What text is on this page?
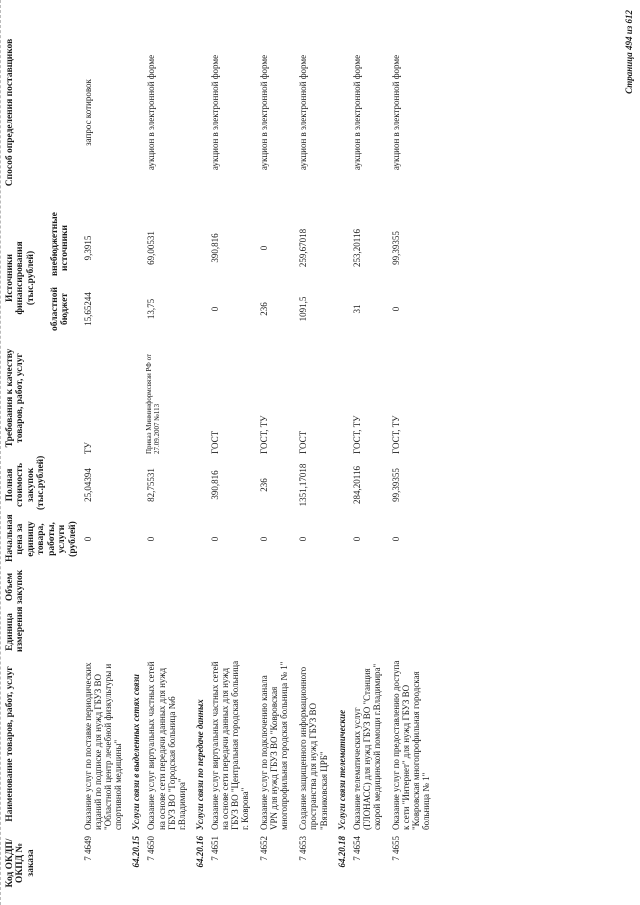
Код ОКДП/ ОКПД № заказа	Наименование товаров, работ, услуг	Единица измерения	Объем закупок	Начальная цена за единицу товара, работы, услуги (рублей)	Полная стоимость закупок (тыс.рублей)	Требования к качеству товаров, работ, услуг	Источники финансирования (тыс.рублей)		Способ определения поставщиков
							областной бюджет	внебюджетные источники	
7 4649	Оказание услуг по поставке периодических изданий по подписке для нужд ГБУЗ ВО "Областной центр лечебной физкультуры и спортивной медицины"			0	25,04394	ТУ	15,65244	9,3915	запрос котировок
64.20.15	Услуги связи в выделенных сетях связи								
7 4650	Оказание услуг виртуальных частных сетей на основе сети передачи данных для нужд ГБУЗ ВО "Городская больница №6 г.Владимира"			0	82,75531	Приказ Минминформсвязи РФ от 27.09.2007 №113	13,75	69,00531	аукцион в электронной форме
64.20.16	Услуги связи по передаче данных								
7 4651	Оказание услуг виртуальных частных сетей на основе сети передачи данных для нужд ГБУЗ ВО "Центральная городская больница г. Коврова"			0	390,816	ГОСТ	0	390,816	аукцион в электронной форме
7 4652	Оказание услуг по подключению канала VPN для нужд ГБУЗ ВО "Ковровская многопрофильная городская больница № 1"			0	236	ГОСТ, ТУ	236	0	аукцион в электронной форме
7 4653	Создание защищенного информационного пространства для нужд ГБУЗ ВО "Вязниковская ЦРБ"			0	1351,17018	ГОСТ	1091,5	259,67018	аукцион в электронной форме
64.20.18	Услуги связи телематические								
7 4654	Оказание телематических услуг (ГЛОНАСС) для нужд ГБУЗ ВО "Станция скорой медицинской помощи г.Владимира"			0	284,20116	ГОСТ, ТУ	31	253,20116	аукцион в электронной форме
7 4655	Оказание услуг по предоставлению доступа к сети "Интернет" для нужд ГБУЗ ВО "Ковровская многопрофильная городская больница № 1"			0	99,39355	ГОСТ, ТУ	0	99,39355	аукцион в электронной форме
Страница 494 из 612
